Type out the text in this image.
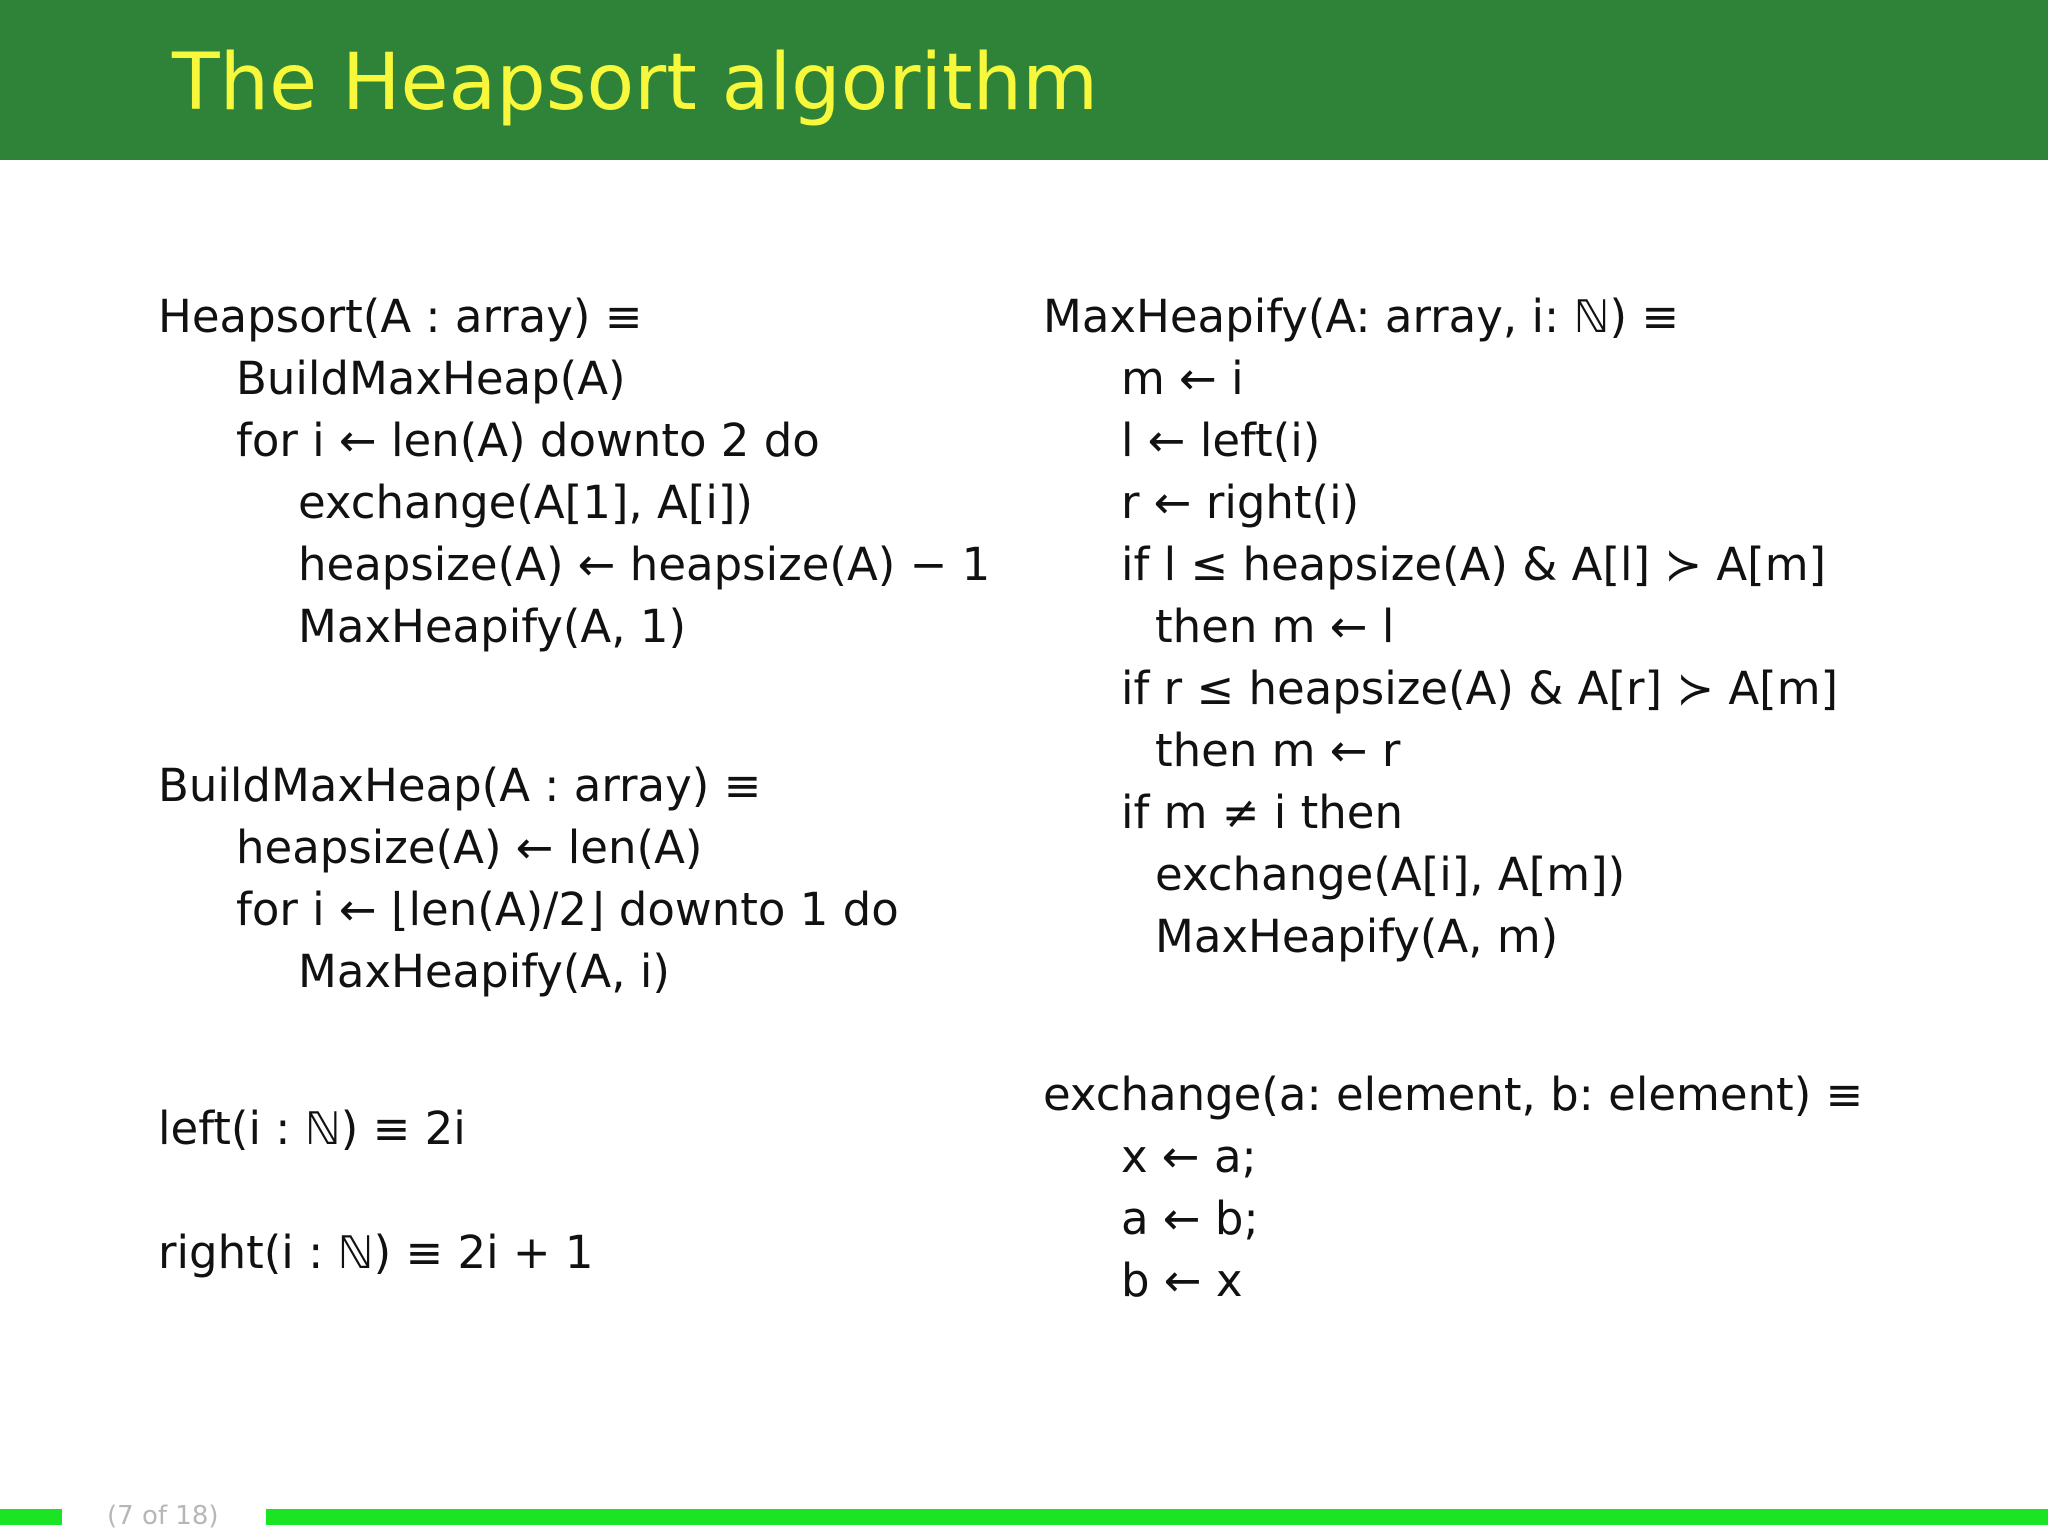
The Heapsort algorithm
Heapsort(A : array) ≡
BuildMaxHeap(A)
for i ← len(A) downto 2 do
exchange(A[1], A[i])
heapsize(A) ← heapsize(A) − 1
MaxHeapify(A, 1)
BuildMaxHeap(A : array) ≡
heapsize(A) ← len(A)
for i ← ⌊len(A)/2⌋ downto 1 do
MaxHeapify(A, i)
left(i : ℕ) ≡ 2i
right(i : ℕ) ≡ 2i + 1
MaxHeapify(A: array, i: ℕ) ≡
m ← i
l ← left(i)
r ← right(i)
if l ≤ heapsize(A) & A[l] ≻ A[m]
then m ← l
if r ≤ heapsize(A) & A[r] ≻ A[m]
then m ← r
if m ≠ i then
exchange(A[i], A[m])
MaxHeapify(A, m)
exchange(a: element, b: element) ≡
x ← a;
a ← b;
b ← x
(7 of 18)
